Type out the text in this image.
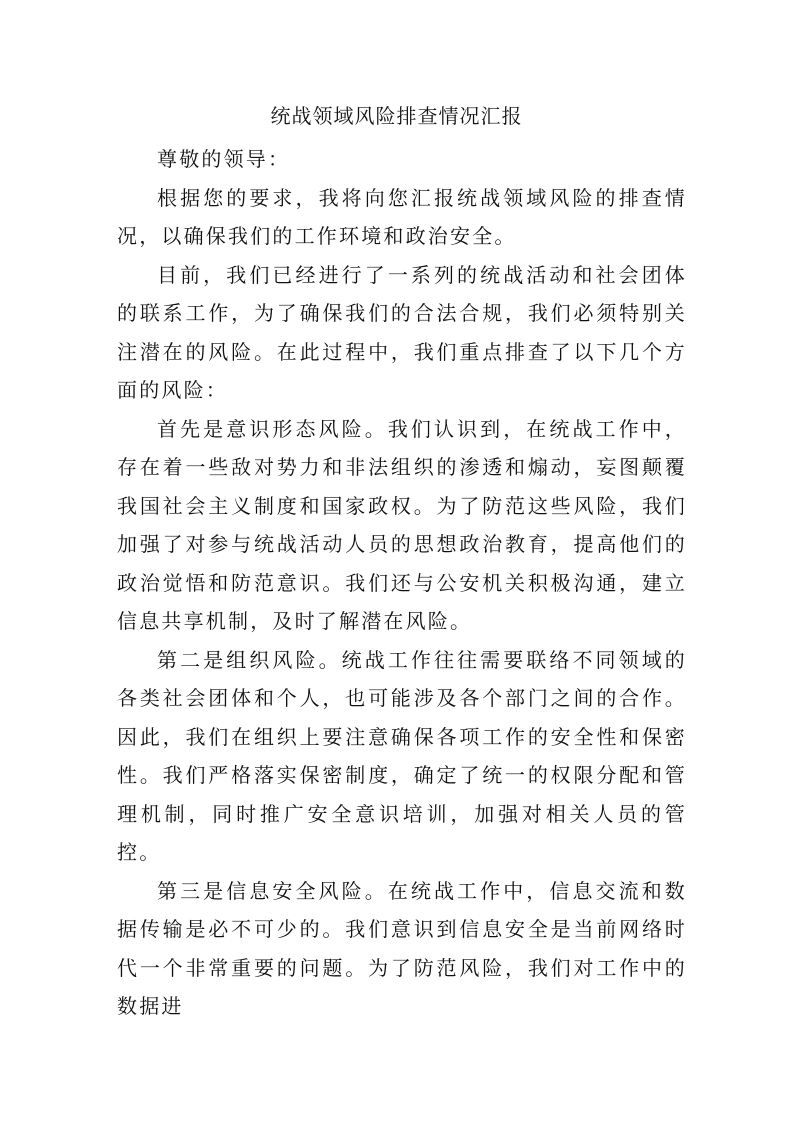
统战领域风险排查情况汇报

尊敬的领导：

根据您的要求，我将向您汇报统战领域风险的排查情况，以确保我们的工作环境和政治安全。

目前，我们已经进行了一系列的统战活动和社会团体的联系工作，为了确保我们的合法合规，我们必须特别关注潜在的风险。在此过程中，我们重点排查了以下几个方面的风险：

首先是意识形态风险。我们认识到，在统战工作中，存在着一些敌对势力和非法组织的渗透和煽动，妄图颠覆我国社会主义制度和国家政权。为了防范这些风险，我们加强了对参与统战活动人员的思想政治教育，提高他们的政治觉悟和防范意识。我们还与公安机关积极沟通，建立信息共享机制，及时了解潜在风险。

第二是组织风险。统战工作往往需要联络不同领域的各类社会团体和个人，也可能涉及各个部门之间的合作。因此，我们在组织上要注意确保各项工作的安全性和保密性。我们严格落实保密制度，确定了统一的权限分配和管理机制，同时推广安全意识培训，加强对相关人员的管控。

第三是信息安全风险。在统战工作中，信息交流和数据传输是必不可少的。我们意识到信息安全是当前网络时代一个非常重要的问题。为了防范风险，我们对工作中的数据进
